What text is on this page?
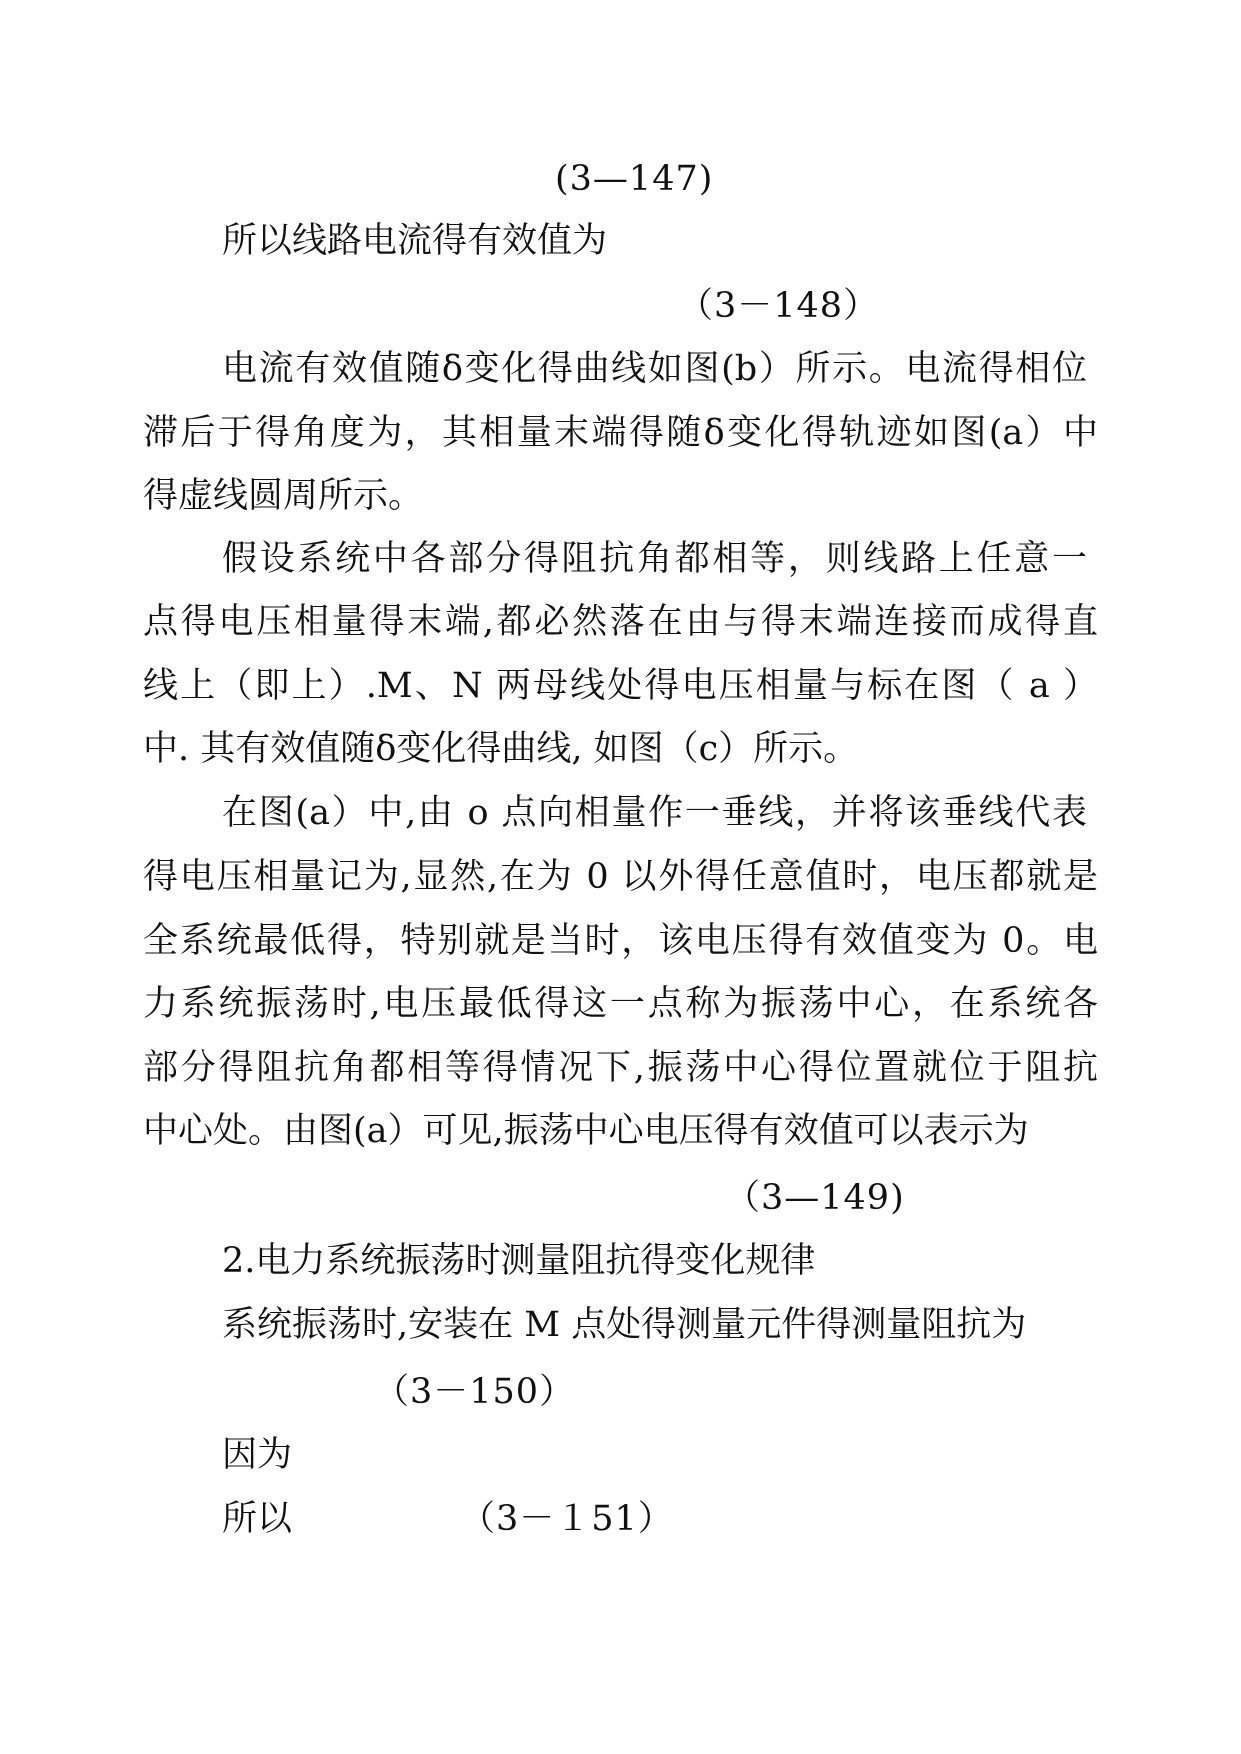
(3—147)
所以线路电流得有效值为
（3－148）
电流有效值随δ变化得曲线如图(b）所示。电流得相位
滞后于得角度为，其相量末端得随δ变化得轨迹如图(a）中
得虚线圆周所示。
假设系统中各部分得阻抗角都相等，则线路上任意一
点得电压相量得末端,都必然落在由与得末端连接而成得直
线上（即上）.M、N 两母线处得电压相量与标在图（ a ）
中. 其有效值随δ变化得曲线, 如图（c）所示。
在图(a）中,由 o 点向相量作一垂线，并将该垂线代表
得电压相量记为,显然,在为 0 以外得任意值时，电压都就是
全系统最低得，特别就是当时，该电压得有效值变为 0。电
力系统振荡时,电压最低得这一点称为振荡中心，在系统各
部分得阻抗角都相等得情况下,振荡中心得位置就位于阻抗
中心处。由图(a）可见,振荡中心电压得有效值可以表示为
（3—149)
2.电力系统振荡时测量阻抗得变化规律
系统振荡时,安装在 M 点处得测量元件得测量阻抗为
（3－150）
因为
所以	（3－１51）
